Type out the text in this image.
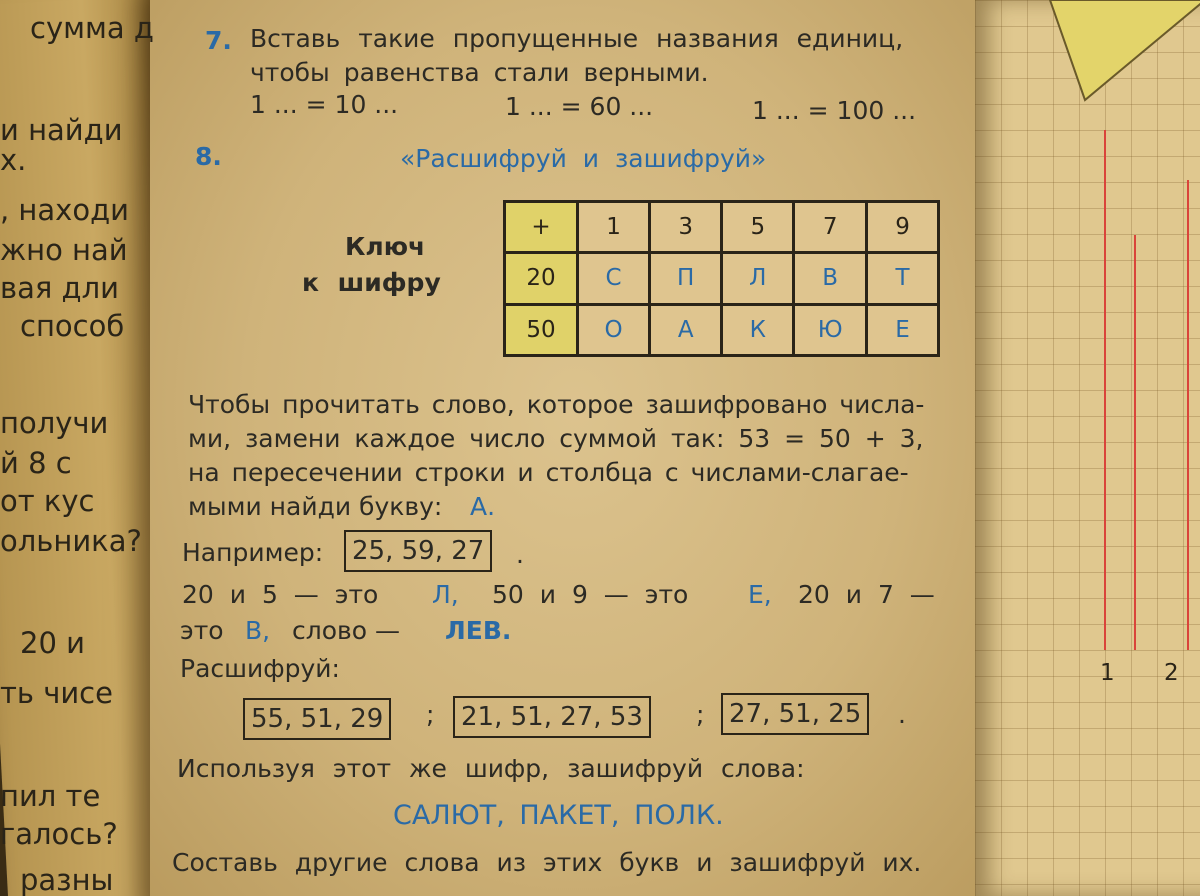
1 2
сумма д
и найди
х.
, находи
жно най
вая дли
способ
получи
й 8 с
от кус
ольника?
20 и
ть чисе
пил те
галось?
разны
7. Вставь такие пропущенные названия единиц,
чтобы равенства стали верными.
1 ... = 10 ...	1 ... = 60 ...	1 ... = 100 ...
8.	«Расшифруй и зашифруй»
Ключ
к шифру
+	1	3	5	7	9
20	С	П	Л	В	Т
50	О	А	К	Ю	Е
Чтобы прочитать слово, которое зашифровано числа-
ми, замени каждое число суммой так: 53 = 50 + 3,
на пересечении строки и столбца с числами-слагае-
мыми найди букву: А.
Например:	25, 59, 27	.
20 и 5 — это Л, 50 и 9 — это Е, 20 и 7 —
это В, слово — ЛЕВ.
Расшифруй:
55, 51, 29	;	21, 51, 27, 53	; 27, 51, 25	.
Используя этот же шифр, зашифруй слова:
САЛЮТ, ПАКЕТ, ПОЛК.
Составь другие слова из этих букв и зашифруй их.
